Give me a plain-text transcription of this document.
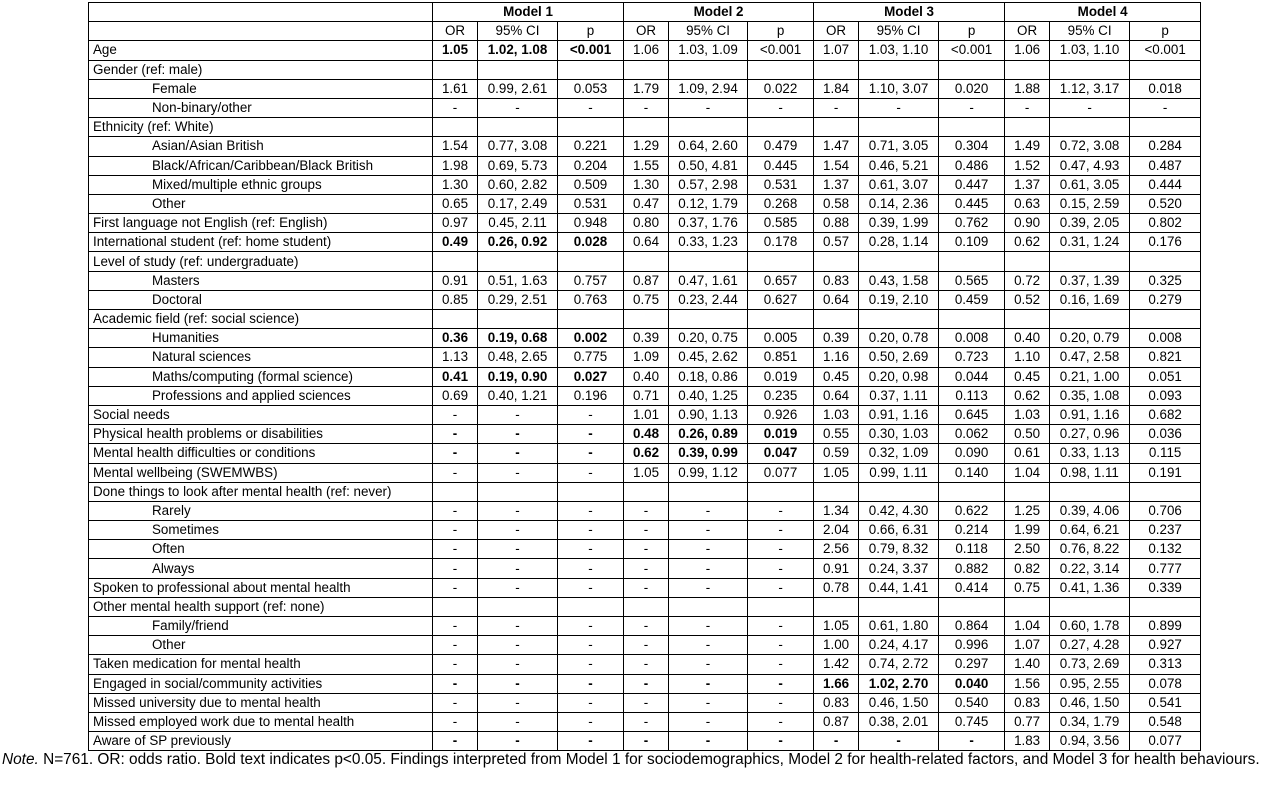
	Model 1			Model 2			Model 3			Model 4		
	OR	95% CI	p	OR	95% CI	p	OR	95% CI	p	OR	95% CI	p
Age	1.05	1.02, 1.08	<0.001	1.06	1.03, 1.09	<0.001	1.07	1.03, 1.10	<0.001	1.06	1.03, 1.10	<0.001
Gender (ref: male)												
Female	1.61	0.99, 2.61	0.053	1.79	1.09, 2.94	0.022	1.84	1.10, 3.07	0.020	1.88	1.12, 3.17	0.018
Non-binary/other	-	-	-	-	-	-	-	-	-	-	-	-
Ethnicity (ref: White)												
Asian/Asian British	1.54	0.77, 3.08	0.221	1.29	0.64, 2.60	0.479	1.47	0.71, 3.05	0.304	1.49	0.72, 3.08	0.284
Black/African/Caribbean/Black British	1.98	0.69, 5.73	0.204	1.55	0.50, 4.81	0.445	1.54	0.46, 5.21	0.486	1.52	0.47, 4.93	0.487
Mixed/multiple ethnic groups	1.30	0.60, 2.82	0.509	1.30	0.57, 2.98	0.531	1.37	0.61, 3.07	0.447	1.37	0.61, 3.05	0.444
Other	0.65	0.17, 2.49	0.531	0.47	0.12, 1.79	0.268	0.58	0.14, 2.36	0.445	0.63	0.15, 2.59	0.520
First language not English (ref: English)	0.97	0.45, 2.11	0.948	0.80	0.37, 1.76	0.585	0.88	0.39, 1.99	0.762	0.90	0.39, 2.05	0.802
International student (ref: home student)	0.49	0.26, 0.92	0.028	0.64	0.33, 1.23	0.178	0.57	0.28, 1.14	0.109	0.62	0.31, 1.24	0.176
Level of study (ref: undergraduate)												
Masters	0.91	0.51, 1.63	0.757	0.87	0.47, 1.61	0.657	0.83	0.43, 1.58	0.565	0.72	0.37, 1.39	0.325
Doctoral	0.85	0.29, 2.51	0.763	0.75	0.23, 2.44	0.627	0.64	0.19, 2.10	0.459	0.52	0.16, 1.69	0.279
Academic field (ref: social science)												
Humanities	0.36	0.19, 0.68	0.002	0.39	0.20, 0.75	0.005	0.39	0.20, 0.78	0.008	0.40	0.20, 0.79	0.008
Natural sciences	1.13	0.48, 2.65	0.775	1.09	0.45, 2.62	0.851	1.16	0.50, 2.69	0.723	1.10	0.47, 2.58	0.821
Maths/computing (formal science)	0.41	0.19, 0.90	0.027	0.40	0.18, 0.86	0.019	0.45	0.20, 0.98	0.044	0.45	0.21, 1.00	0.051
Professions and applied sciences	0.69	0.40, 1.21	0.196	0.71	0.40, 1.25	0.235	0.64	0.37, 1.11	0.113	0.62	0.35, 1.08	0.093
Social needs	-	-	-	1.01	0.90, 1.13	0.926	1.03	0.91, 1.16	0.645	1.03	0.91, 1.16	0.682
Physical health problems or disabilities	-	-	-	0.48	0.26, 0.89	0.019	0.55	0.30, 1.03	0.062	0.50	0.27, 0.96	0.036
Mental health difficulties or conditions	-	-	-	0.62	0.39, 0.99	0.047	0.59	0.32, 1.09	0.090	0.61	0.33, 1.13	0.115
Mental wellbeing (SWEMWBS)	-	-	-	1.05	0.99, 1.12	0.077	1.05	0.99, 1.11	0.140	1.04	0.98, 1.11	0.191
Done things to look after mental health (ref: never)												
Rarely	-	-	-	-	-	-	1.34	0.42, 4.30	0.622	1.25	0.39, 4.06	0.706
Sometimes	-	-	-	-	-	-	2.04	0.66, 6.31	0.214	1.99	0.64, 6.21	0.237
Often	-	-	-	-	-	-	2.56	0.79, 8.32	0.118	2.50	0.76, 8.22	0.132
Always	-	-	-	-	-	-	0.91	0.24, 3.37	0.882	0.82	0.22, 3.14	0.777
Spoken to professional about mental health	-	-	-	-	-	-	0.78	0.44, 1.41	0.414	0.75	0.41, 1.36	0.339
Other mental health support (ref: none)												
Family/friend	-	-	-	-	-	-	1.05	0.61, 1.80	0.864	1.04	0.60, 1.78	0.899
Other	-	-	-	-	-	-	1.00	0.24, 4.17	0.996	1.07	0.27, 4.28	0.927
Taken medication for mental health	-	-	-	-	-	-	1.42	0.74, 2.72	0.297	1.40	0.73, 2.69	0.313
Engaged in social/community activities	-	-	-	-	-	-	1.66	1.02, 2.70	0.040	1.56	0.95, 2.55	0.078
Missed university due to mental health	-	-	-	-	-	-	0.83	0.46, 1.50	0.540	0.83	0.46, 1.50	0.541
Missed employed work due to mental health	-	-	-	-	-	-	0.87	0.38, 2.01	0.745	0.77	0.34, 1.79	0.548
Aware of SP previously	-	-	-	-	-	-	-	-	-	1.83	0.94, 3.56	0.077
Note. N=761. OR: odds ratio. Bold text indicates p<0.05. Findings interpreted from Model 1 for sociodemographics, Model 2 for health-related factors, and Model 3 for health behaviours.
